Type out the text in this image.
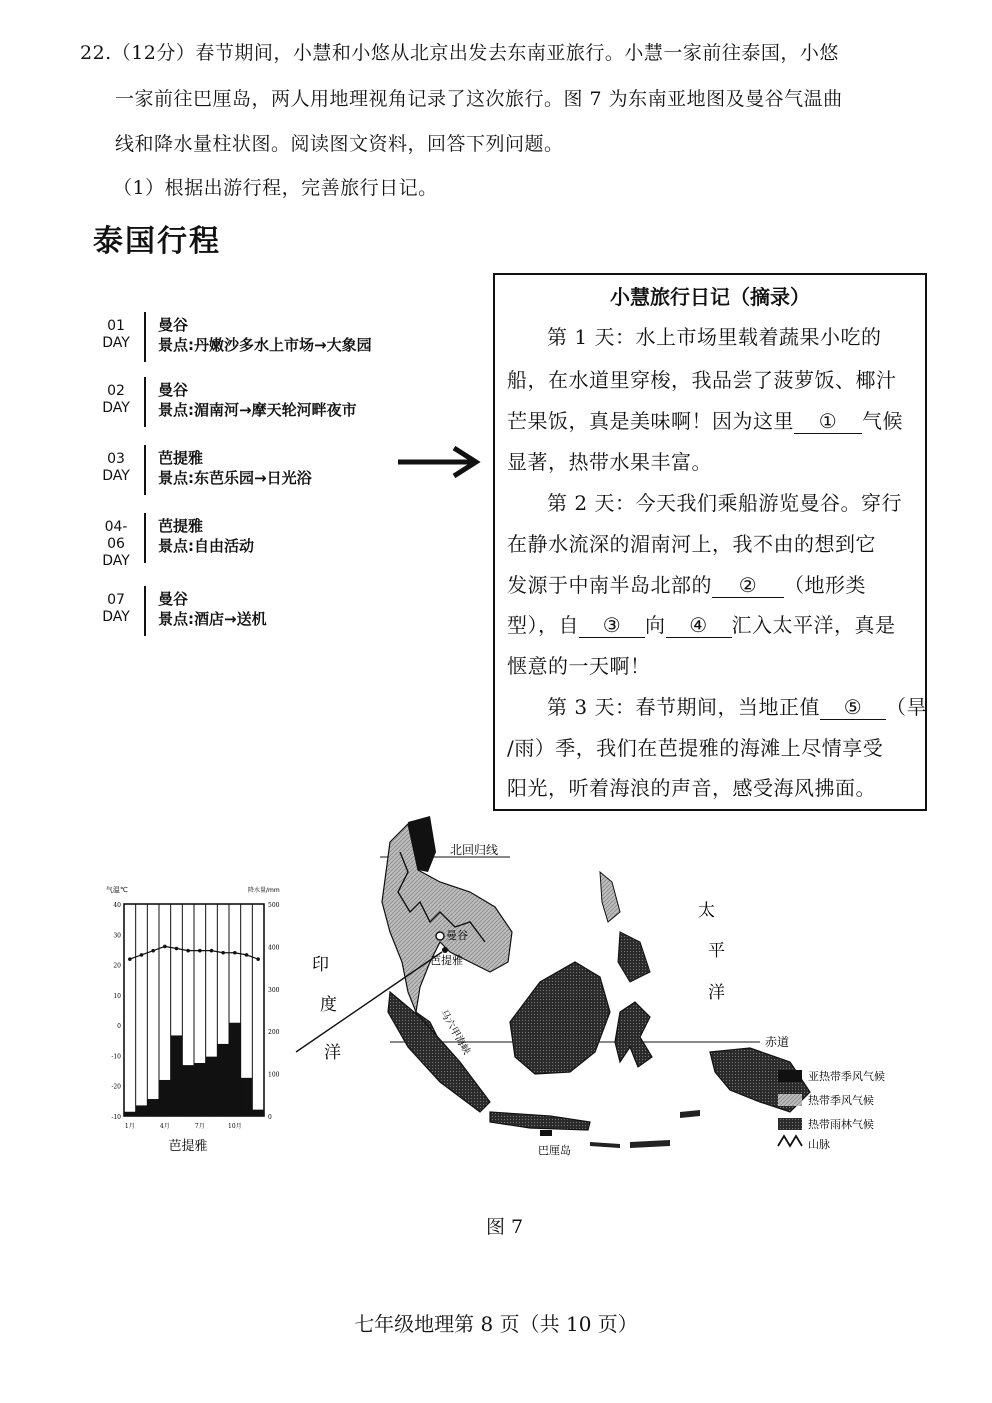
22.（12分）春节期间，小慧和小悠从北京出发去东南亚旅行。小慧一家前往泰国，小悠
一家前往巴厘岛，两人用地理视角记录了这次旅行。图 7 为东南亚地图及曼谷气温曲
线和降水量柱状图。阅读图文资料，回答下列问题。
（1）根据出游行程，完善旅行日记。
泰国行程
01
DAY
曼谷
景点:丹嫩沙多水上市场→大象园
02
DAY
曼谷
景点:湄南河→摩天轮河畔夜市
03
DAY
芭提雅
景点:东芭乐园→日光浴
04-06
DAY
芭提雅
景点:自由活动
07
DAY
曼谷
景点:酒店→送机
小慧旅行日记（摘录）
第 1 天：水上市场里载着蔬果小吃的
船，在水道里穿梭，我品尝了菠萝饭、椰汁
芒果饭，真是美味啊！因为这里 ① 气候
显著，热带水果丰富。
第 2 天：今天我们乘船游览曼谷。穿行
在静水流深的湄南河上，我不由的想到它
发源于中南半岛北部的 ② （地形类
型），自 ③ 向 ④ 汇入太平洋，真是
惬意的一天啊！
第 3 天：春节期间，当地正值 ⑤ （旱
/雨）季，我们在芭提雅的海滩上尽情享受
阳光，听着海浪的声音，感受海风拂面。
气温℃	降水量/mm
-10
-20
-10
0
10
20
30
40
0
100
200
300
400
500
1月	4月	7月	10月
芭提雅
北回归线
赤道
曼谷
芭提雅
巴厘岛
印
度
洋
太
平
洋
马六甲海峡
亚热带季风气候
热带季风气候
热带雨林气候
山脉
图 7
七年级地理第 8 页（共 10 页）
